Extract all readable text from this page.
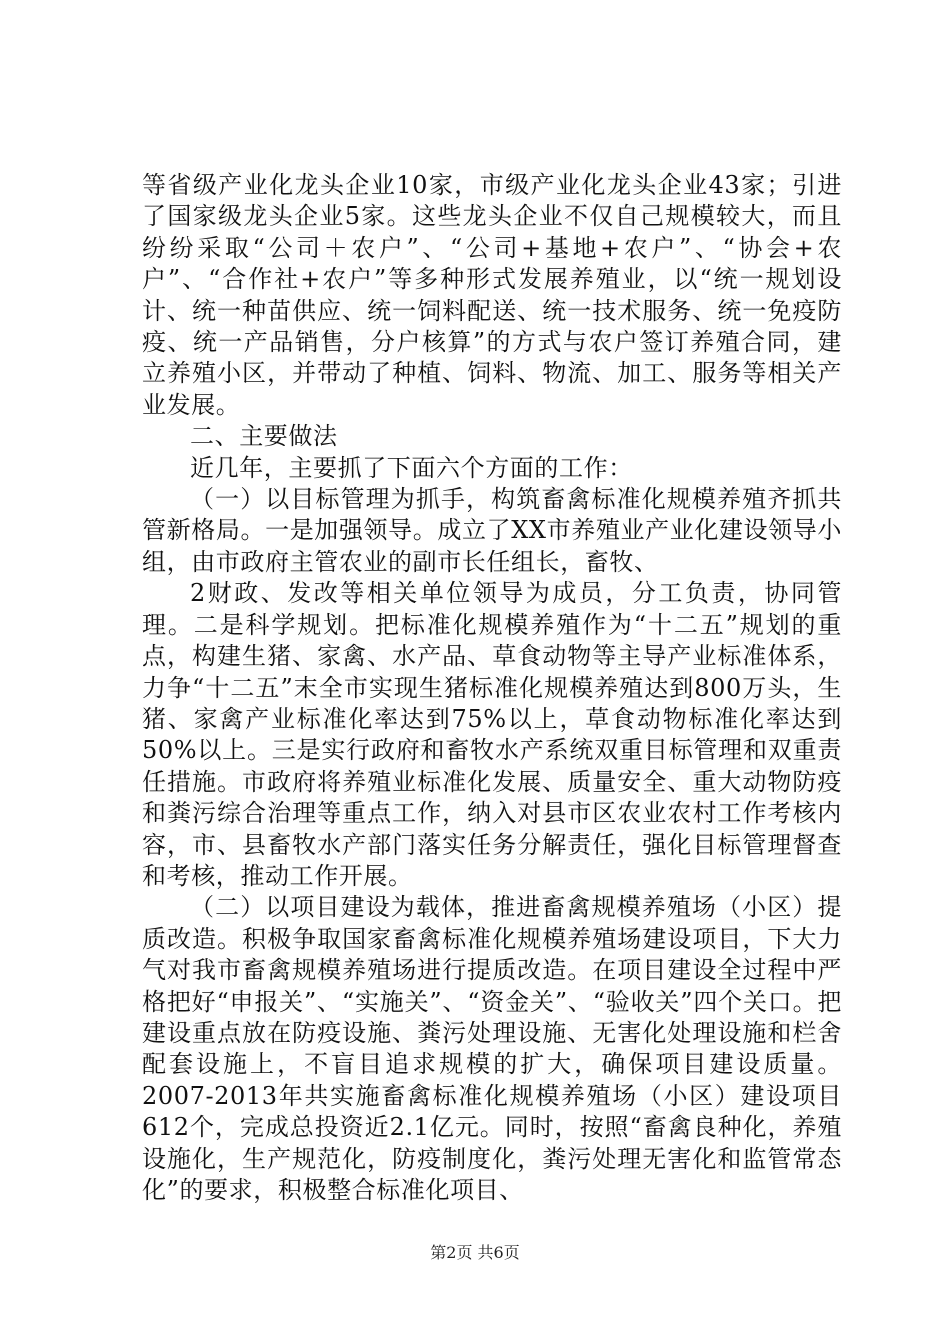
等省级产业化龙头企业10家，市级产业化龙头企业43家；引进了国家级龙头企业5家。这些龙头企业不仅自己规模较大，而且纷纷采取“公司＋农户”、“公司+基地+农户”、“协会+农户”、“合作社+农户”等多种形式发展养殖业，以“统一规划设计、统一种苗供应、统一饲料配送、统一技术服务、统一免疫防疫、统一产品销售，分户核算”的方式与农户签订养殖合同，建立养殖小区，并带动了种植、饲料、物流、加工、服务等相关产业发展。

二、主要做法

近几年，主要抓了下面六个方面的工作：

（一）以目标管理为抓手，构筑畜禽标准化规模养殖齐抓共管新格局。一是加强领导。成立了XX市养殖业产业化建设领导小组，由市政府主管农业的副市长任组长，畜牧、

2财政、发改等相关单位领导为成员，分工负责，协同管理。二是科学规划。把标准化规模养殖作为“十二五”规划的重点，构建生猪、家禽、水产品、草食动物等主导产业标准体系，力争“十二五”末全市实现生猪标准化规模养殖达到800万头，生猪、家禽产业标准化率达到75%以上，草食动物标准化率达到50%以上。三是实行政府和畜牧水产系统双重目标管理和双重责任措施。市政府将养殖业标准化发展、质量安全、重大动物防疫和粪污综合治理等重点工作，纳入对县市区农业农村工作考核内容，市、县畜牧水产部门落实任务分解责任，强化目标管理督查和考核，推动工作开展。

（二）以项目建设为载体，推进畜禽规模养殖场（小区）提质改造。积极争取国家畜禽标准化规模养殖场建设项目，下大力气对我市畜禽规模养殖场进行提质改造。在项目建设全过程中严格把好“申报关”、“实施关”、“资金关”、“验收关”四个关口。把建设重点放在防疫设施、粪污处理设施、无害化处理设施和栏舍配套设施上，不盲目追求规模的扩大，确保项目建设质量。2007-2013年共实施畜禽标准化规模养殖场（小区）建设项目612个，完成总投资近2.1亿元。同时，按照“畜禽良种化，养殖设施化，生产规范化，防疫制度化，粪污处理无害化和监管常态化”的要求，积极整合标准化项目、

第2页 共6页
